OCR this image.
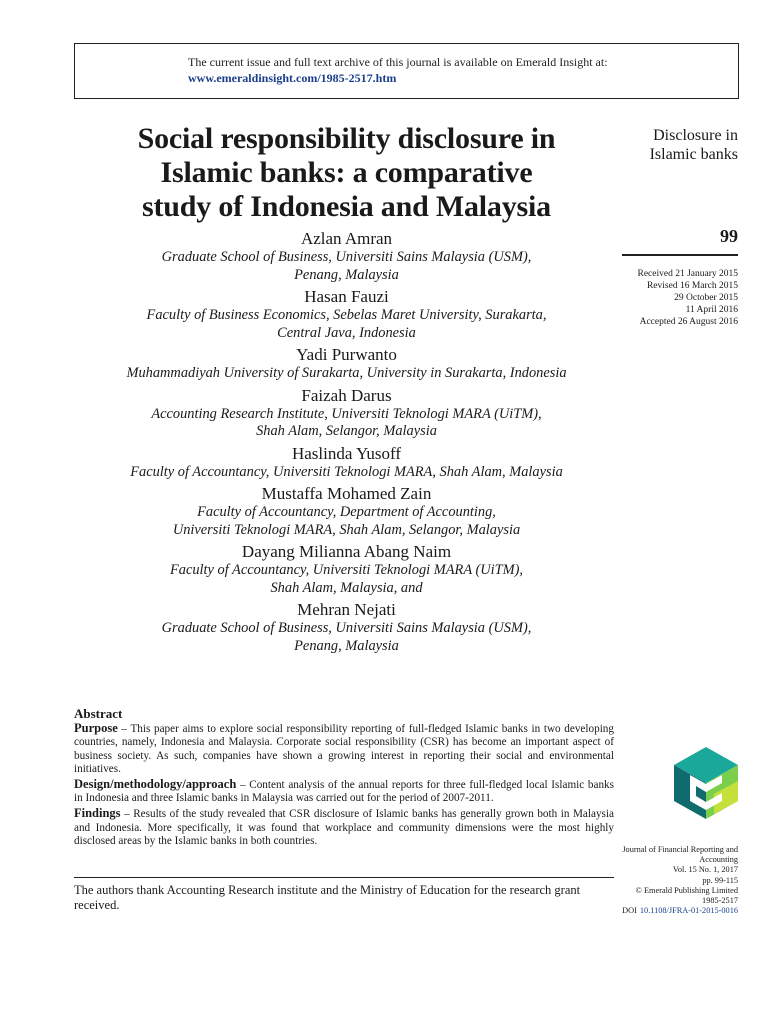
The current issue and full text archive of this journal is available on Emerald Insight at:
www.emeraldinsight.com/1985-2517.htm
Social responsibility disclosure in
Islamic banks: a comparative
study of Indonesia and Malaysia
Disclosure in
Islamic banks
99
Received 21 January 2015
Revised 16 March 2015
29 October 2015
11 April 2016
Accepted 26 August 2016
Azlan Amran
Graduate School of Business, Universiti Sains Malaysia (USM),
Penang, Malaysia
Hasan Fauzi
Faculty of Business Economics, Sebelas Maret University, Surakarta,
Central Java, Indonesia
Yadi Purwanto
Muhammadiyah University of Surakarta, University in Surakarta, Indonesia
Faizah Darus
Accounting Research Institute, Universiti Teknologi MARA (UiTM),
Shah Alam, Selangor, Malaysia
Haslinda Yusoff
Faculty of Accountancy, Universiti Teknologi MARA, Shah Alam, Malaysia
Mustaffa Mohamed Zain
Faculty of Accountancy, Department of Accounting,
Universiti Teknologi MARA, Shah Alam, Selangor, Malaysia
Dayang Milianna Abang Naim
Faculty of Accountancy, Universiti Teknologi MARA (UiTM),
Shah Alam, Malaysia, and
Mehran Nejati
Graduate School of Business, Universiti Sains Malaysia (USM),
Penang, Malaysia
Abstract

Purpose – This paper aims to explore social responsibility reporting of full-fledged Islamic banks in two developing countries, namely, Indonesia and Malaysia. Corporate social responsibility (CSR) has become an important aspect of business society. As such, companies have shown a growing interest in reporting their social and environmental initiatives.

Design/methodology/approach – Content analysis of the annual reports for three full-fledged local Islamic banks in Indonesia and three Islamic banks in Malaysia was carried out for the period of 2007-2011.

Findings – Results of the study revealed that CSR disclosure of Islamic banks has generally grown both in Malaysia and Indonesia. More specifically, it was found that workplace and community dimensions were the most highly disclosed areas by the Islamic banks in both countries.

The authors thank Accounting Research institute and the Ministry of Education for the research grant received.
Journal of Financial Reporting and
Accounting
Vol. 15 No. 1, 2017
pp. 99-115
© Emerald Publishing Limited
1985-2517
DOI 10.1108/JFRA-01-2015-0016
